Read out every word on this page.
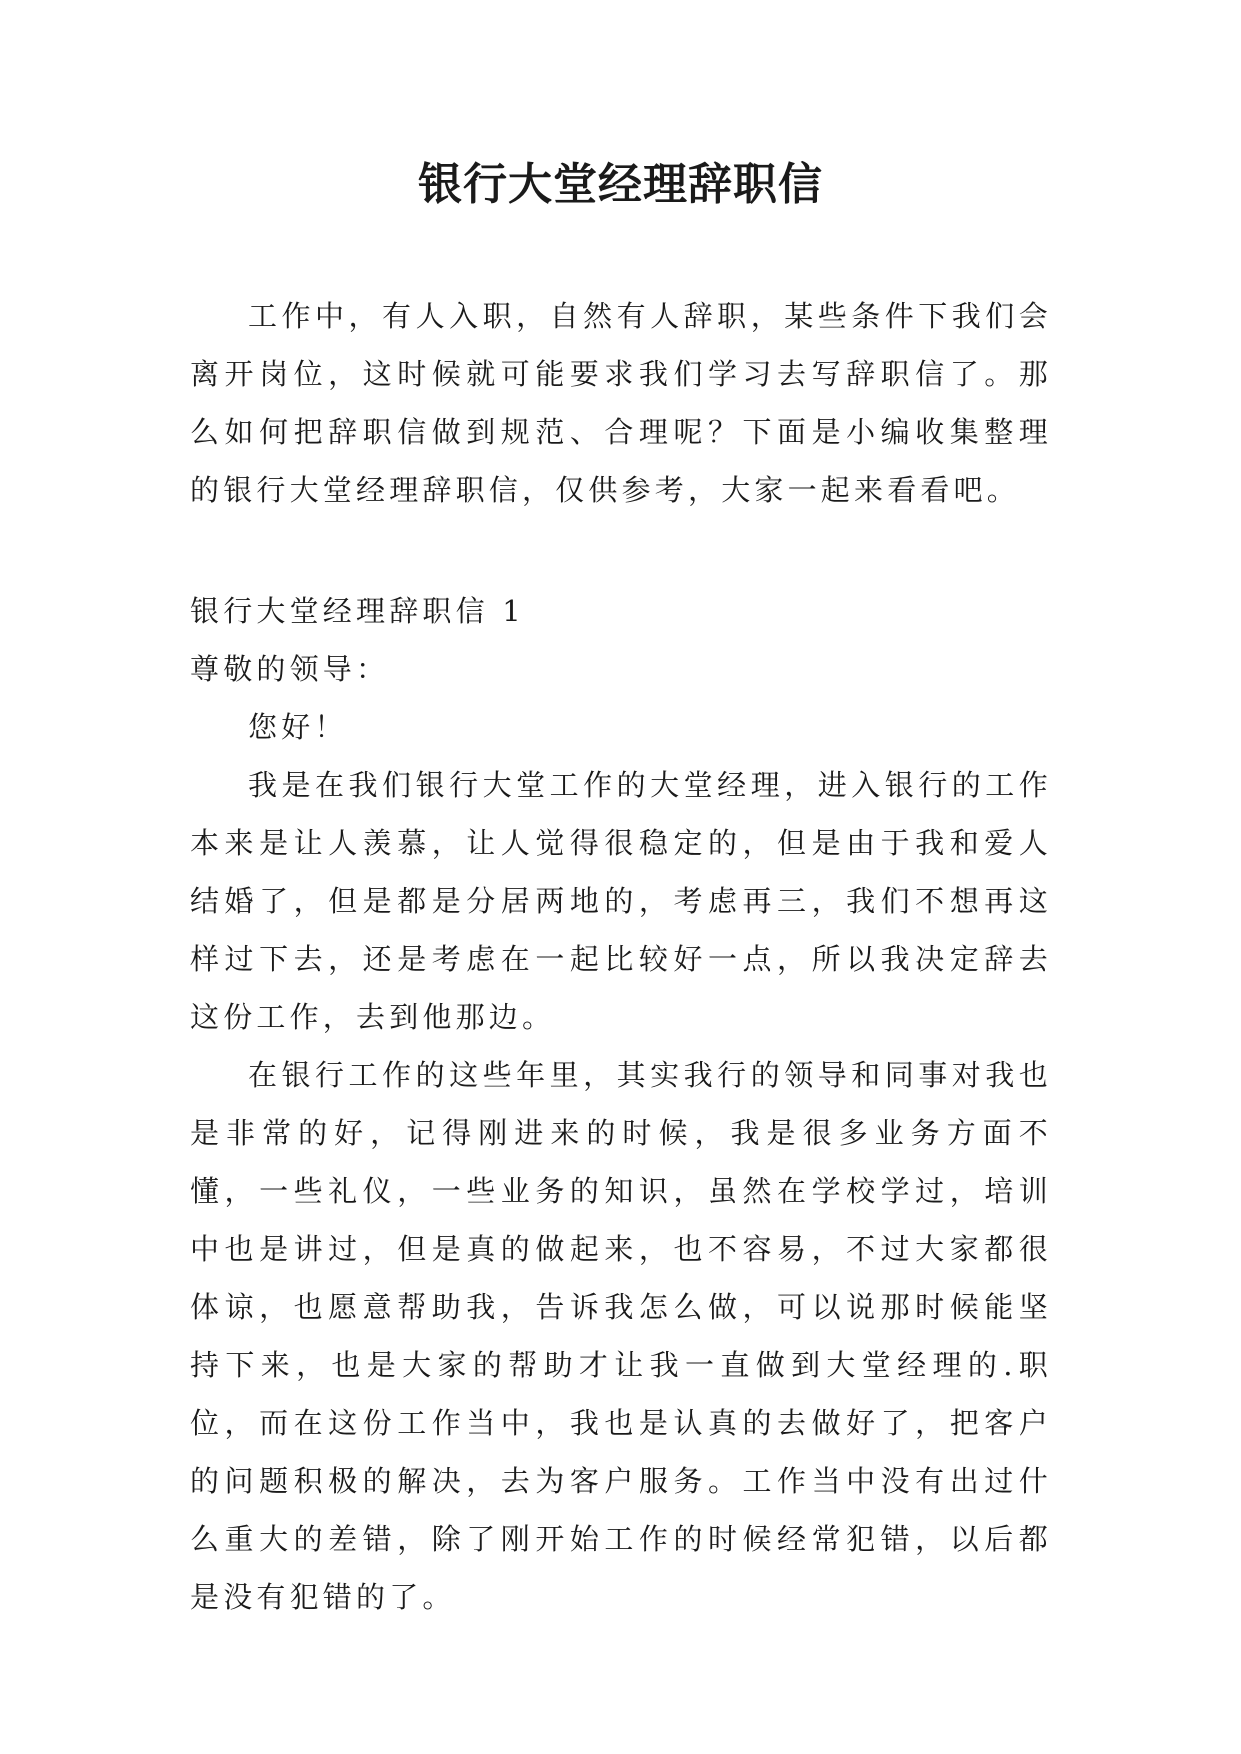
银行大堂经理辞职信

工作中，有人入职，自然有人辞职，某些条件下我们会离开岗位，这时候就可能要求我们学习去写辞职信了。那么如何把辞职信做到规范、合理呢？下面是小编收集整理的银行大堂经理辞职信，仅供参考，大家一起来看看吧。

银行大堂经理辞职信 1

尊敬的领导：

您好！

我是在我们银行大堂工作的大堂经理，进入银行的工作本来是让人羡慕，让人觉得很稳定的，但是由于我和爱人结婚了，但是都是分居两地的，考虑再三，我们不想再这样过下去，还是考虑在一起比较好一点，所以我决定辞去这份工作，去到他那边。

在银行工作的这些年里，其实我行的领导和同事对我也是非常的好，记得刚进来的时候，我是很多业务方面不懂，一些礼仪，一些业务的知识，虽然在学校学过，培训中也是讲过，但是真的做起来，也不容易，不过大家都很体谅，也愿意帮助我，告诉我怎么做，可以说那时候能坚持下来，也是大家的帮助才让我一直做到大堂经理的.职位，而在这份工作当中，我也是认真的去做好了，把客户的问题积极的解决，去为客户服务。工作当中没有出过什么重大的差错，除了刚开始工作的时候经常犯错，以后都是没有犯错的了。
